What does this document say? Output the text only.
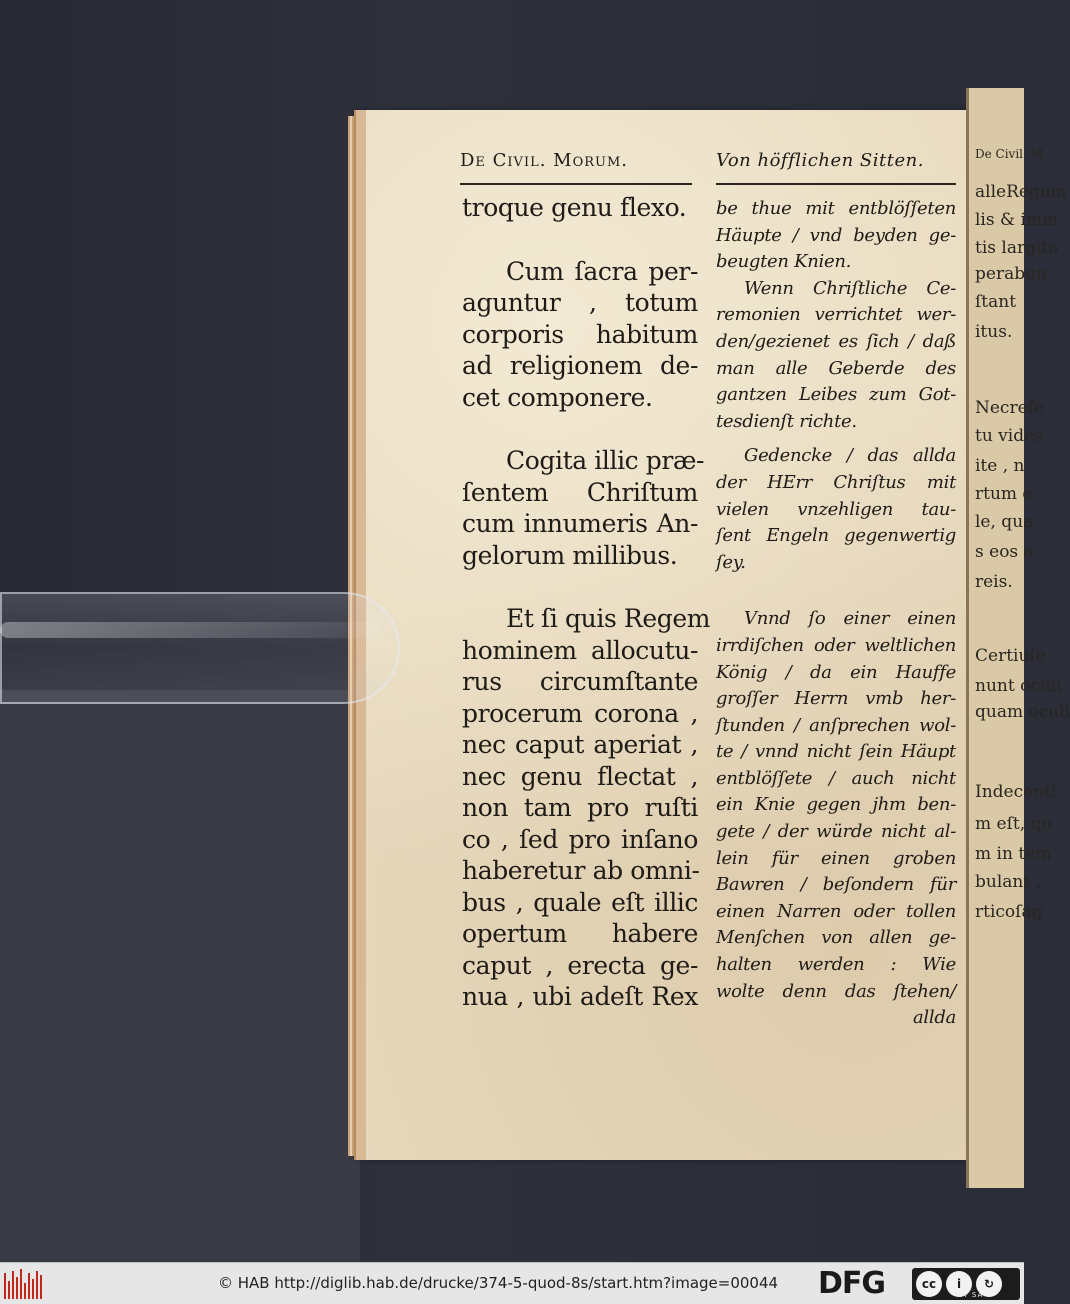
De Civil. M
alleRegum
lis & imm
tis largito
perabun
ſtant
itus.
Necrefe
tu vides
ite , n
rtum e
le, qua
s eos o
reis.
Certiuſe
nunt oculi
quam oculi
Indecenti
m eſt, qu
m in tem
bulant ,
rticoſag
De Civil. Morum.	Von höfflichen Sitten.
troque genu flexo.
Cum ſacra per-
aguntur , totum
corporis habitum
ad religionem de-
cet componere.
Cogita illic præ-
ſentem Chriſtum
cum innumeris An-
gelorum millibus.
Et ſi quis Regem
hominem allocutu-
rus circumſtante
procerum corona ,
nec caput aperiat ,
nec genu flectat ,
non tam pro ruſti
co , ſed pro inſano
haberetur ab omni-
bus , quale eſt illic
opertum habere
caput , erecta ge-
nua , ubi adeſt Rex
be thue mit entblöſſeten
Häupte / vnd beyden ge-
beugten Knien.
Wenn Chriſtliche Ce-
remonien verrichtet wer-
den/gezienet es ſich / daß
man alle Geberde des
gantzen Leibes zum Got-
tesdienſt richte.
Gedencke / das allda
der HErr Chriſtus mit
vielen vnzehligen tau-
ſent Engeln gegenwertig
ſey.
Vnnd ſo einer einen
irrdiſchen oder weltlichen
König / da ein Hauffe
groſſer Herrn vmb her-
ſtunden / anſprechen wol-
te / vnnd nicht ſein Häupt
entblöſſete / auch nicht
ein Knie gegen jhm ben-
gete / der würde nicht al-
lein für einen groben
Bawren / beſondern für
einen Narren oder tollen
Menſchen von allen ge-
halten werden : Wie
wolte denn das ſtehen/
allda
© HAB http://diglib.hab.de/drucke/374-5-quod-8s/start.htm?image=00044 DFG	cc	i	↻
BY SA
